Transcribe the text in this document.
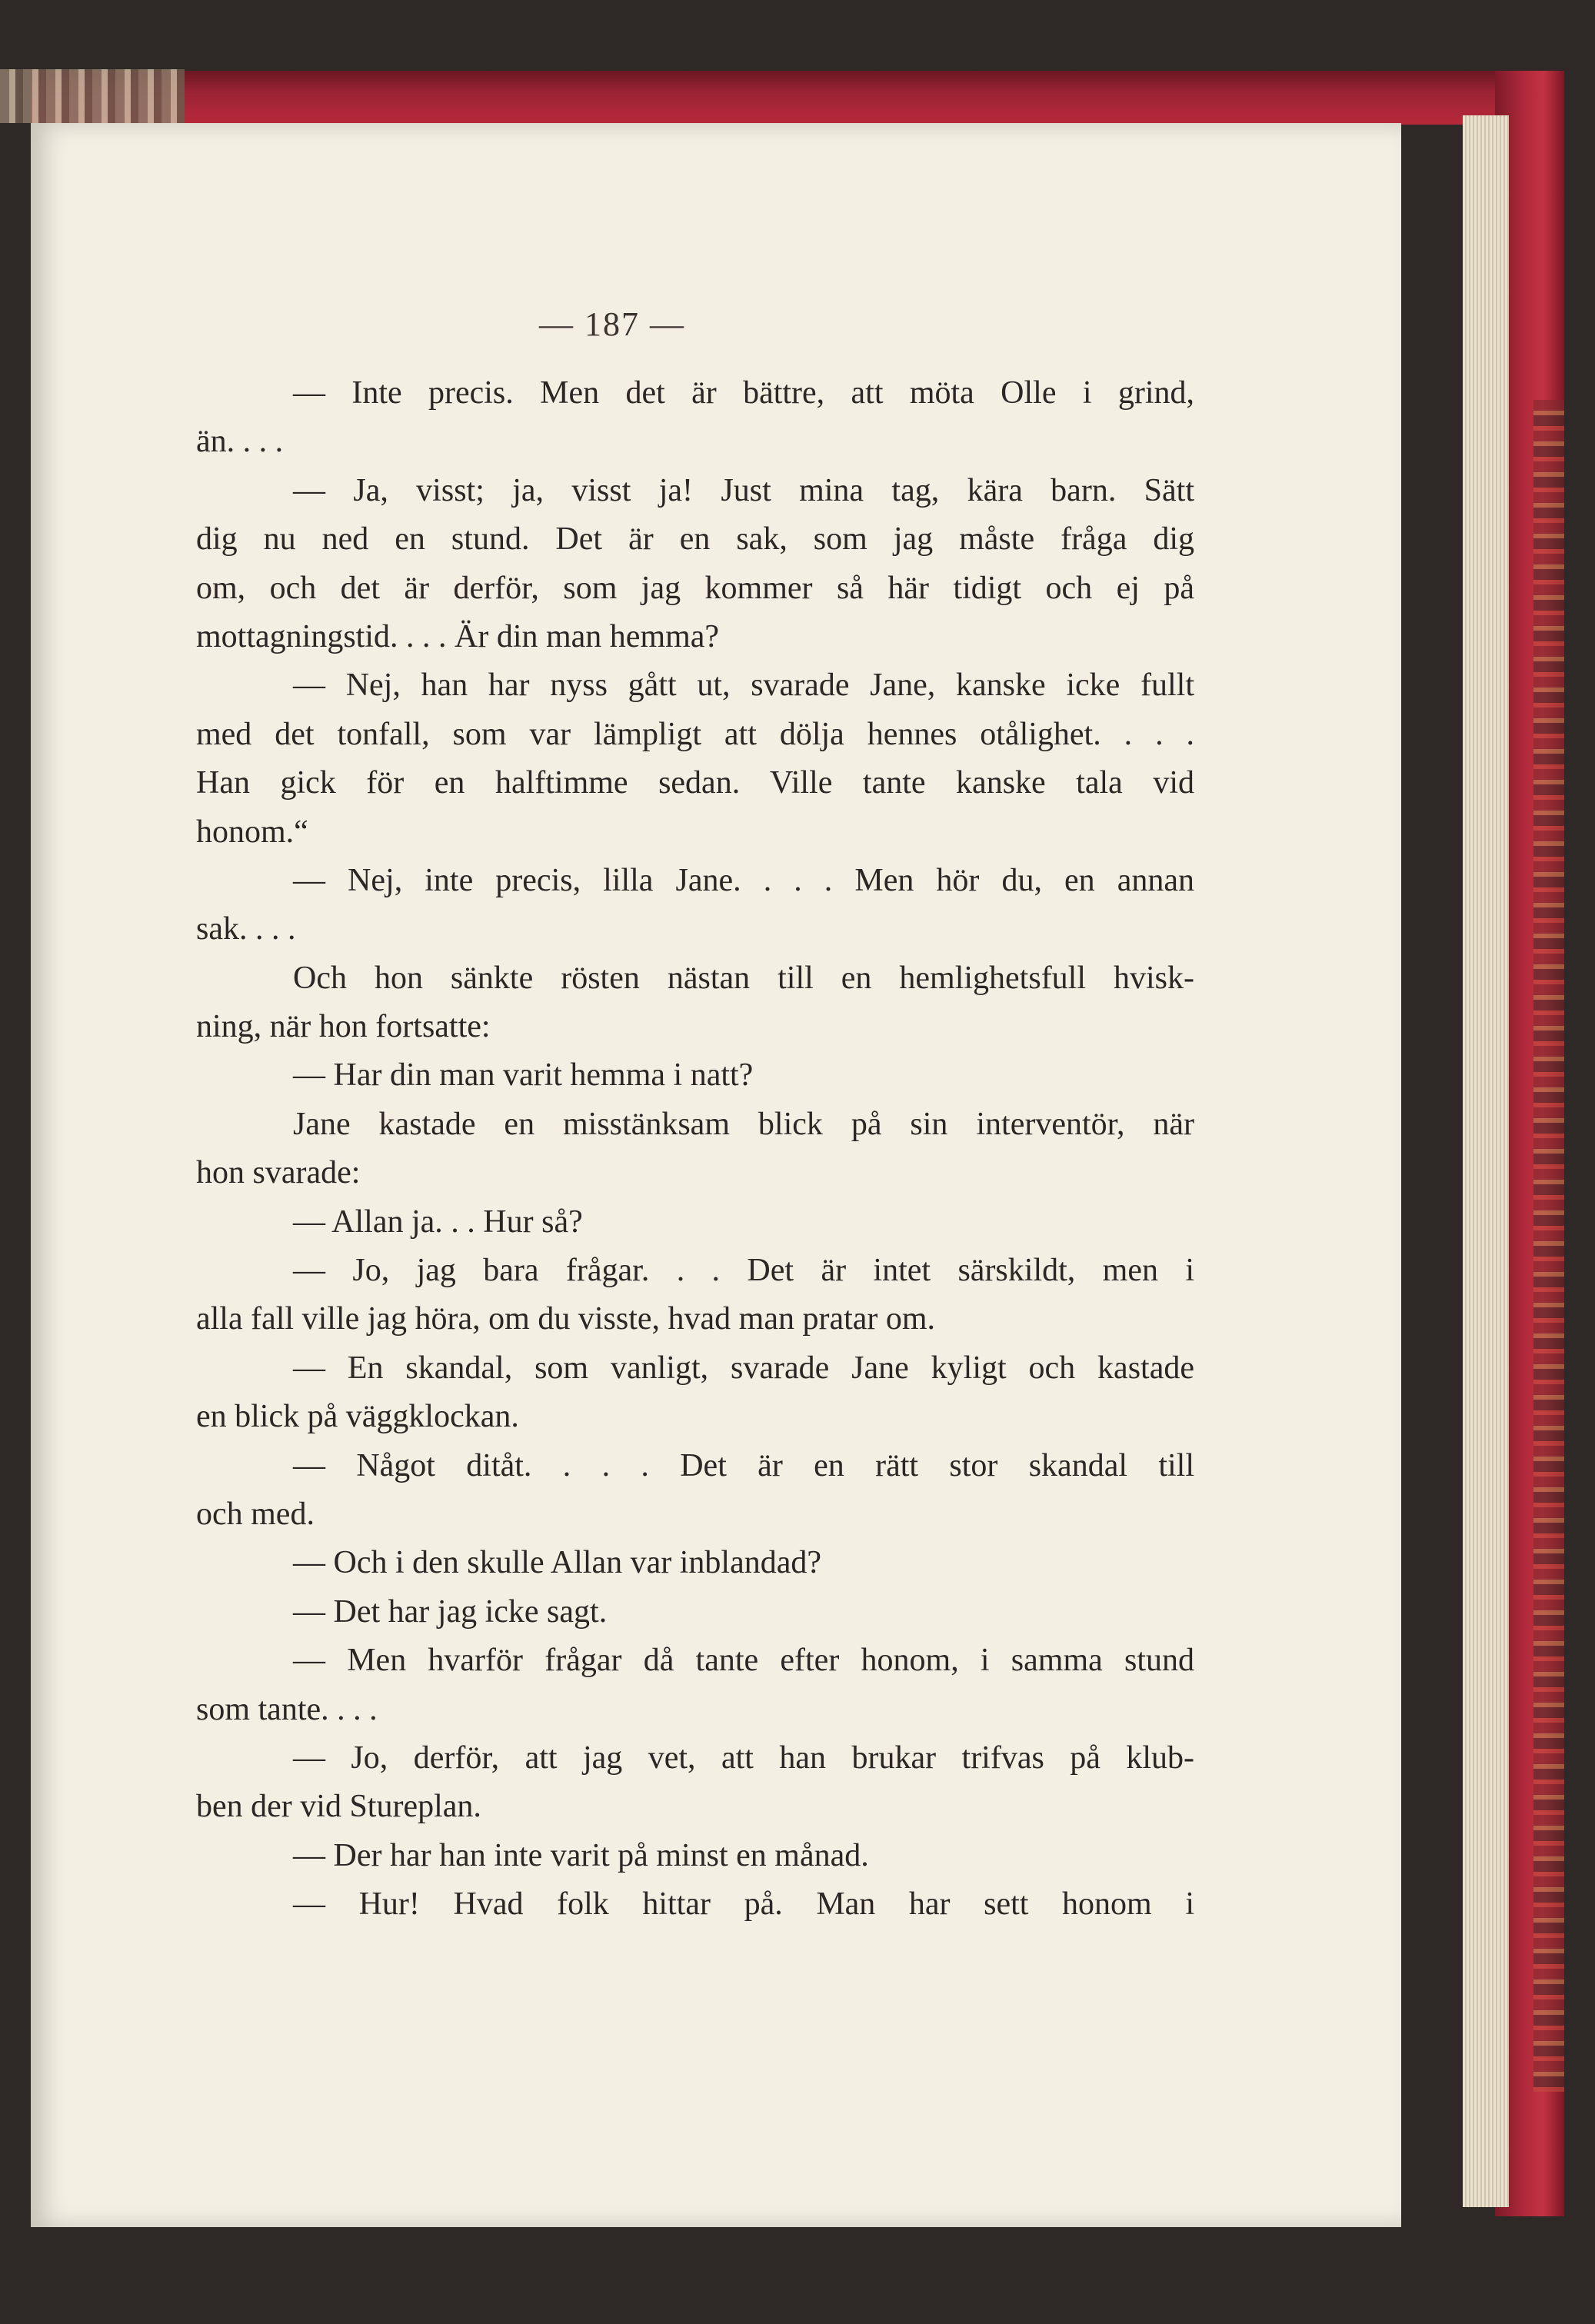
— 187 —
— Inte precis. Men det är bättre, att möta Olle i grind,
än. . . .
— Ja, visst; ja, visst ja! Just mina tag, kära barn. Sätt
dig nu ned en stund. Det är en sak, som jag måste fråga dig
om, och det är derför, som jag kommer så här tidigt och ej på
mottagningstid. . . . Är din man hemma?
— Nej, han har nyss gått ut, svarade Jane, kanske icke fullt
med det tonfall, som var lämpligt att dölja hennes otålighet. . . .
Han gick för en halftimme sedan. Ville tante kanske tala vid
honom.“
— Nej, inte precis, lilla Jane. . . . Men hör du, en annan
sak. . . .
Och hon sänkte rösten nästan till en hemlighetsfull hvisk-
ning, när hon fortsatte:
— Har din man varit hemma i natt?
Jane kastade en misstänksam blick på sin interventör, när
hon svarade:
— Allan ja. . . Hur så?
— Jo, jag bara frågar. . . Det är intet särskildt, men i
alla fall ville jag höra, om du visste, hvad man pratar om.
— En skandal, som vanligt, svarade Jane kyligt och kastade
en blick på väggklockan.
— Något ditåt. . . . Det är en rätt stor skandal till
och med.
— Och i den skulle Allan var inblandad?
— Det har jag icke sagt.
— Men hvarför frågar då tante efter honom, i samma stund
som tante. . . .
— Jo, derför, att jag vet, att han brukar trifvas på klub-
ben der vid Stureplan.
— Der har han inte varit på minst en månad.
— Hur! Hvad folk hittar på. Man har sett honom i
